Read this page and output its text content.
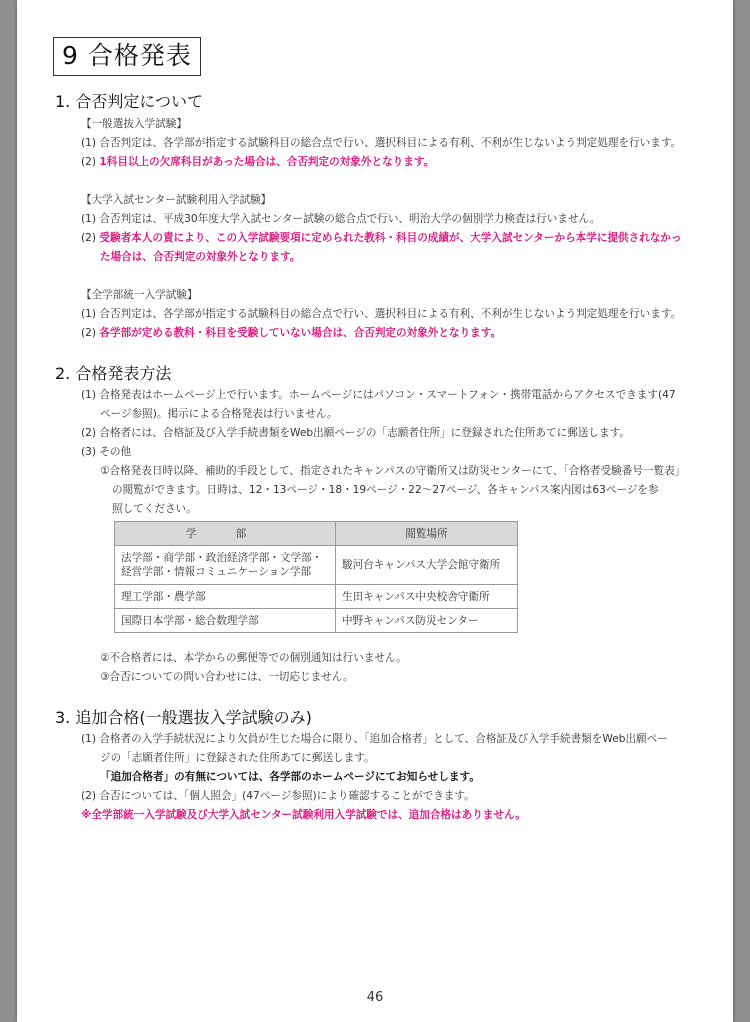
9 合格発表
1. 合否判定について
【一般選抜入学試験】
(1) 合否判定は、各学部が指定する試験科目の総合点で行い、選択科目による有利、不利が生じないよう判定処理を行います。
(2) 1科目以上の欠席科目があった場合は、合否判定の対象外となります。
【大学入試センター試験利用入学試験】
(1) 合否判定は、平成30年度大学入試センター試験の総合点で行い、明治大学の個別学力検査は行いません。
(2) 受験者本人の責により、この入学試験要項に定められた教科・科目の成績が、大学入試センターから本学に提供されなかっ
た場合は、合否判定の対象外となります。
【全学部統一入学試験】
(1) 合否判定は、各学部が指定する試験科目の総合点で行い、選択科目による有利、不利が生じないよう判定処理を行います。
(2) 各学部が定める教科・科目を受験していない場合は、合否判定の対象外となります。
2. 合格発表方法
(1) 合格発表はホームページ上で行います。ホームページにはパソコン・スマートフォン・携帯電話からアクセスできます(47
ページ参照)。掲示による合格発表は行いません。
(2) 合格者には、合格証及び入学手続書類をWeb出願ページの「志願者住所」に登録された住所あてに郵送します。
(3) その他
①合格発表日時以降、補助的手段として、指定されたキャンパスの守衛所又は防災センターにて、「合格者受験番号一覧表」
の閲覧ができます。日時は、12・13ページ・18・19ページ・22〜27ページ、各キャンパス案内図は63ページを参
照してください。
学 部	閲覧場所
法学部・商学部・政治経済学部・文学部・
経営学部・情報コミュニケーション学部	駿河台キャンパス大学会館守衛所
理工学部・農学部	生田キャンパス中央校舎守衛所
国際日本学部・総合数理学部	中野キャンパス防災センター
②不合格者には、本学からの郵便等での個別通知は行いません。
③合否についての問い合わせには、一切応じません。
3. 追加合格(一般選抜入学試験のみ)
(1) 合格者の入学手続状況により欠員が生じた場合に限り、「追加合格者」として、合格証及び入学手続書類をWeb出願ペー
ジの「志願者住所」に登録された住所あてに郵送します。
「追加合格者」の有無については、各学部のホームページにてお知らせします。
(2) 合否については、「個人照会」(47ページ参照)により確認することができます。
※全学部統一入学試験及び大学入試センター試験利用入学試験では、追加合格はありません。
46
